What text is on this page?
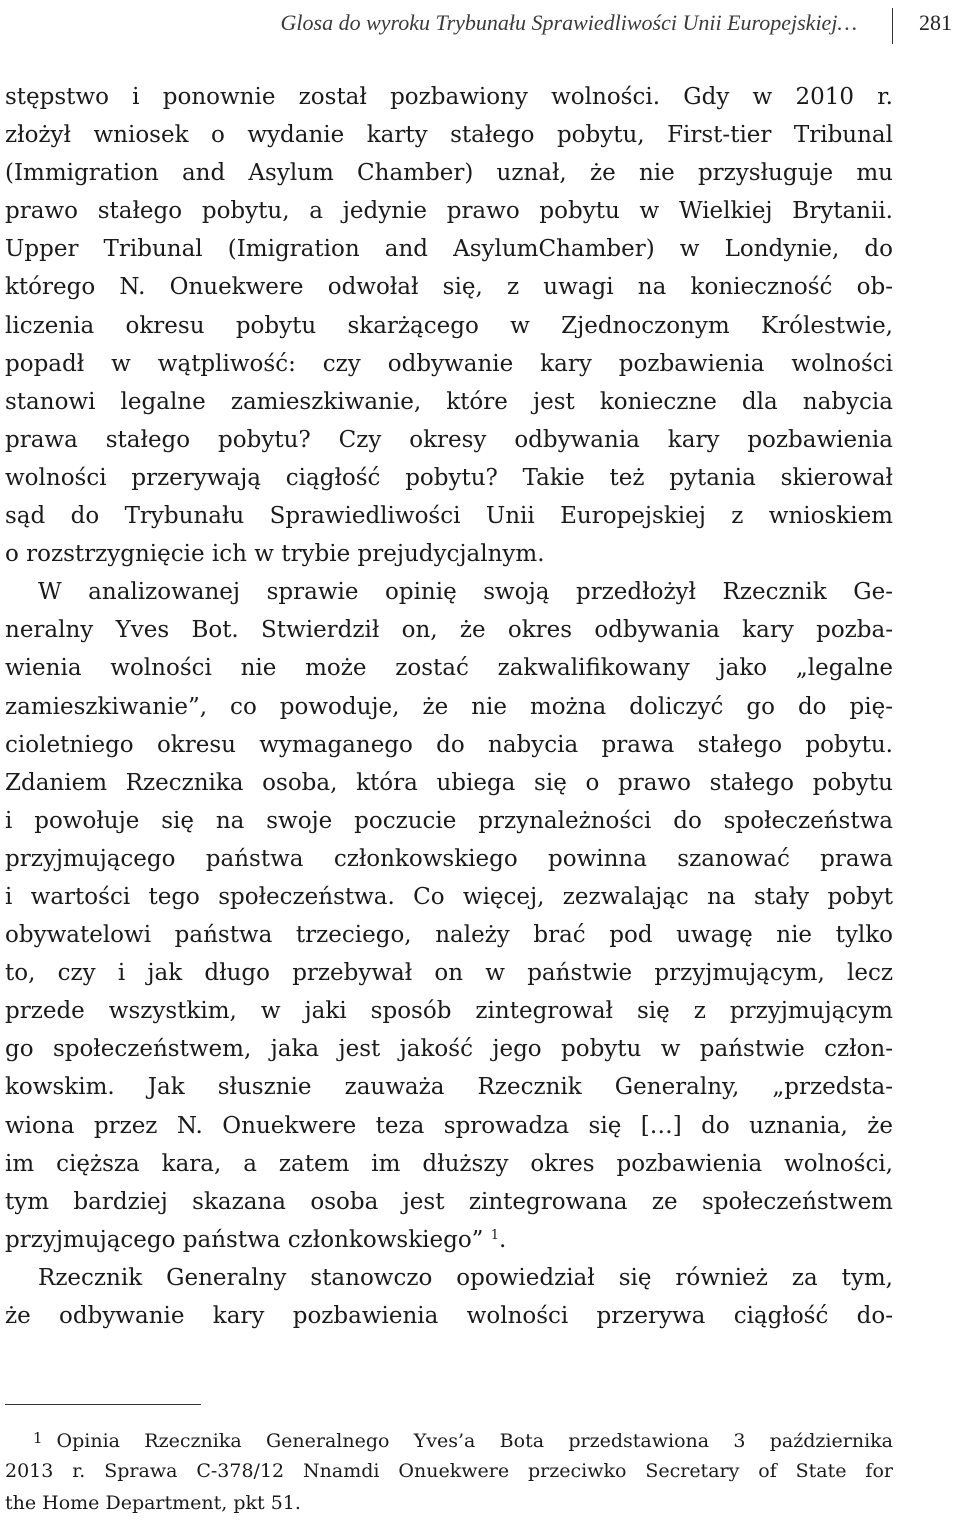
Glosa do wyroku Trybunału Sprawiedliwości Unii Europejskiej…	281
stępstwo i ponownie został pozbawiony wolności. Gdy w 2010 r.
złożył wniosek o wydanie karty stałego pobytu, First-tier Tribunal
(Immigration and Asylum Chamber) uznał, że nie przysługuje mu
prawo stałego pobytu, a jedynie prawo pobytu w Wielkiej Brytanii.
Upper Tribunal (Imigration and AsylumChamber) w Londynie, do
którego N. Onuekwere odwołał się, z uwagi na konieczność ob-
liczenia okresu pobytu skarżącego w Zjednoczonym Królestwie,
popadł w wątpliwość: czy odbywanie kary pozbawienia wolności
stanowi legalne zamieszkiwanie, które jest konieczne dla nabycia
prawa stałego pobytu? Czy okresy odbywania kary pozbawienia
wolności przerywają ciągłość pobytu? Takie też pytania skierował
sąd do Trybunału Sprawiedliwości Unii Europejskiej z wnioskiem
o rozstrzygnięcie ich w trybie prejudycjalnym.
W analizowanej sprawie opinię swoją przedłożył Rzecznik Ge-
neralny Yves Bot. Stwierdził on, że okres odbywania kary pozba-
wienia wolności nie może zostać zakwalifikowany jako „legalne
zamieszkiwanie”, co powoduje, że nie można doliczyć go do pię-
cioletniego okresu wymaganego do nabycia prawa stałego pobytu.
Zdaniem Rzecznika osoba, która ubiega się o prawo stałego pobytu
i powołuje się na swoje poczucie przynależności do społeczeństwa
przyjmującego państwa członkowskiego powinna szanować prawa
i wartości tego społeczeństwa. Co więcej, zezwalając na stały pobyt
obywatelowi państwa trzeciego, należy brać pod uwagę nie tylko
to, czy i jak długo przebywał on w państwie przyjmującym, lecz
przede wszystkim, w jaki sposób zintegrował się z przyjmującym
go społeczeństwem, jaka jest jakość jego pobytu w państwie człon-
kowskim. Jak słusznie zauważa Rzecznik Generalny, „przedsta-
wiona przez N. Onuekwere teza sprowadza się […] do uznania, że
im cięższa kara, a zatem im dłuższy okres pozbawienia wolności,
tym bardziej skazana osoba jest zintegrowana ze społeczeństwem
przyjmującego państwa członkowskiego” $^1$.
Rzecznik Generalny stanowczo opowiedział się również za tym,
że odbywanie kary pozbawienia wolności przerywa ciągłość do-
$^1$ Opinia Rzecznika Generalnego Yves’a Bota przedstawiona 3 października
2013 r. Sprawa C-378/12 Nnamdi Onuekwere przeciwko Secretary of State for
the Home Department, pkt 51.
